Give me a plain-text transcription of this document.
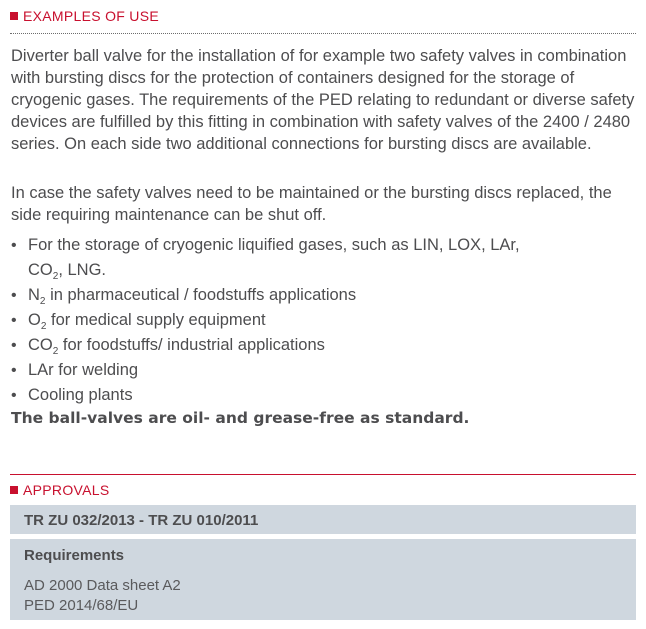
EXAMPLES OF USE

Diverter ball valve for the installation of for example two safety valves in combination with bursting discs for the protection of containers designed for the storage of cryogenic gases. The requirements of the PED relating to redundant or diverse safety devices are fulfilled by this fitting in combination with safety valves of the 2400 / 2480 series. On each side two additional connections for bursting discs are available.

In case the safety valves need to be maintained or the bursting discs replaced, the side requiring maintenance can be shut off.

• For the storage of cryogenic liquified gases, such as LIN, LOX, LAr,
$CO_2$, LNG.
• $N_2$ in pharmaceutical / foodstuffs applications
• $O_2$ for medical supply equipment
• $CO_2$ for foodstuffs/ industrial applications
• LAr for welding
• Cooling plants
The ball-valves are oil- and grease-free as standard.
APPROVALS
TR ZU 032/2013 - TR ZU 010/2011
Requirements
AD 2000 Data sheet A2
PED 2014/68/EU
